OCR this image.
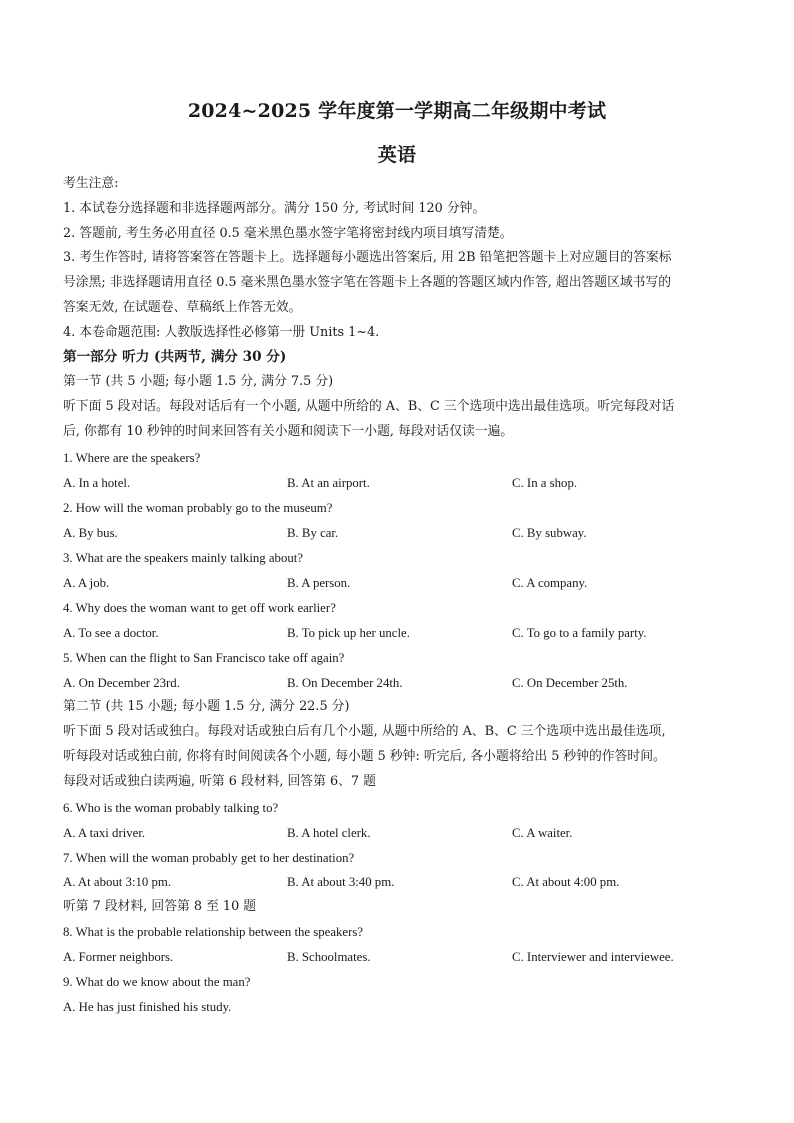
2024~2025 学年度第一学期高二年级期中考试
英语
考生注意:
1. 本试卷分选择题和非选择题两部分。满分 150 分, 考试时间 120 分钟。
2. 答题前, 考生务必用直径 0.5 毫米黑色墨水签字笔将密封线内项目填写清楚。
3. 考生作答时, 请将答案答在答题卡上。选择题每小题选出答案后, 用 2B 铅笔把答题卡上对应题目的答案标
号涂黑; 非选择题请用直径 0.5 毫米黑色墨水签字笔在答题卡上各题的答题区域内作答, 超出答题区域书写的
答案无效, 在试题卷、草稿纸上作答无效。
4. 本卷命题范围: 人教版选择性必修第一册 Units 1~4.
第一部分 听力 (共两节, 满分 30 分)
第一节 (共 5 小题; 每小题 1.5 分, 满分 7.5 分)
听下面 5 段对话。每段对话后有一个小题, 从题中所给的 A、B、C 三个选项中选出最佳选项。听完每段对话
后, 你都有 10 秒钟的时间来回答有关小题和阅读下一小题, 每段对话仅读一遍。
1. Where are the speakers?
A. In a hotel.	B. At an airport.	C. In a shop.
2. How will the woman probably go to the museum?
A. By bus.	B. By car.	C. By subway.
3. What are the speakers mainly talking about?
A. A job.	B. A person.	C. A company.
4. Why does the woman want to get off work earlier?
A. To see a doctor.	B. To pick up her uncle.	C. To go to a family party.
5. When can the flight to San Francisco take off again?
A. On December 23rd.	B. On December 24th.	C. On December 25th.
第二节 (共 15 小题; 每小题 1.5 分, 满分 22.5 分)
听下面 5 段对话或独白。每段对话或独白后有几个小题, 从题中所给的 A、B、C 三个选项中选出最佳选项,
听每段对话或独白前, 你将有时间阅读各个小题, 每小题 5 秒钟: 听完后, 各小题将给出 5 秒钟的作答时间。
每段对话或独白读两遍, 听第 6 段材料, 回答第 6、7 题
6. Who is the woman probably talking to?
A. A taxi driver.	B. A hotel clerk.	C. A waiter.
7. When will the woman probably get to her destination?
A. At about 3:10 pm.	B. At about 3:40 pm.	C. At about 4:00 pm.
听第 7 段材料, 回答第 8 至 10 题
8. What is the probable relationship between the speakers?
A. Former neighbors.	B. Schoolmates.	C. Interviewer and interviewee.
9. What do we know about the man?
A. He has just finished his study.
